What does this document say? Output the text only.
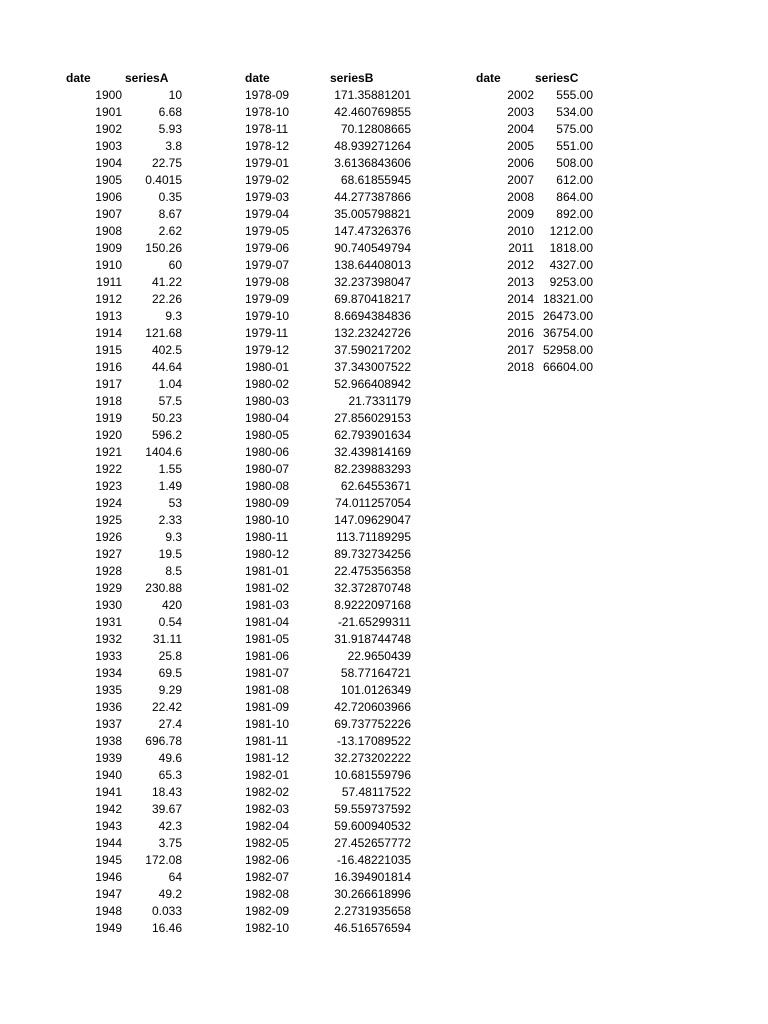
date	seriesA
1900	10
1901	6.68
1902	5.93
1903	3.8
1904 22.75
1905 0.4015
1906	0.35
1907	8.67
1908	2.62
1909 150.26
1910	60
1911 41.22
1912 22.26
1913	9.3
1914 121.68
1915 402.5
1916 44.64
1917	1.04
1918	57.5
1919 50.23
1920 596.2
1921 1404.6
1922	1.55
1923	1.49
1924	53
1925	2.33
1926	9.3
1927	19.5
1928	8.5
1929 230.88
1930	420
1931	0.54
1932	31.11
1933	25.8
1934	69.5
1935	9.29
1936 22.42
1937	27.4
1938 696.78
1939	49.6
1940	65.3
1941 18.43
1942 39.67
1943	42.3
1944	3.75
1945 172.08
1946	64
1947	49.2
1948 0.033
1949 16.46
date	seriesB
1978-09	171.35881201
1978-10	42.460769855
1978-11	70.12808665
1978-12	48.939271264
1979-01	3.6136843606
1979-02	68.61855945
1979-03	44.277387866
1979-04	35.005798821
1979-05	147.47326376
1979-06	90.740549794
1979-07	138.64408013
1979-08	32.237398047
1979-09	69.870418217
1979-10	8.6694384836
1979-11	132.23242726
1979-12	37.590217202
1980-01	37.343007522
1980-02	52.966408942
1980-03	21.7331179
1980-04	27.856029153
1980-05	62.793901634
1980-06	32.439814169
1980-07	82.239883293
1980-08	62.64553671
1980-09	74.011257054
1980-10	147.09629047
1980-11	113.71189295
1980-12	89.732734256
1981-01	22.475356358
1981-02	32.372870748
1981-03	8.9222097168
1981-04	-21.65299311
1981-05	31.918744748
1981-06	22.9650439
1981-07	58.77164721
1981-08	101.0126349
1981-09	42.720603966
1981-10	69.737752226
1981-11	-13.17089522
1981-12	32.273202222
1982-01	10.681559796
1982-02	57.48117522
1982-03	59.559737592
1982-04	59.600940532
1982-05	27.452657772
1982-06	-16.48221035
1982-07	16.394901814
1982-08	30.266618996
1982-09	2.2731935658
1982-10	46.516576594
date	seriesC
2002 555.00
2003 534.00
2004 575.00
2005 551.00
2006 508.00
2007 612.00
2008 864.00
2009 892.00
2010 1212.00
2011 1818.00
2012 4327.00
2013 9253.00
2014 18321.00
2015 26473.00
2016 36754.00
2017 52958.00
2018 66604.00
